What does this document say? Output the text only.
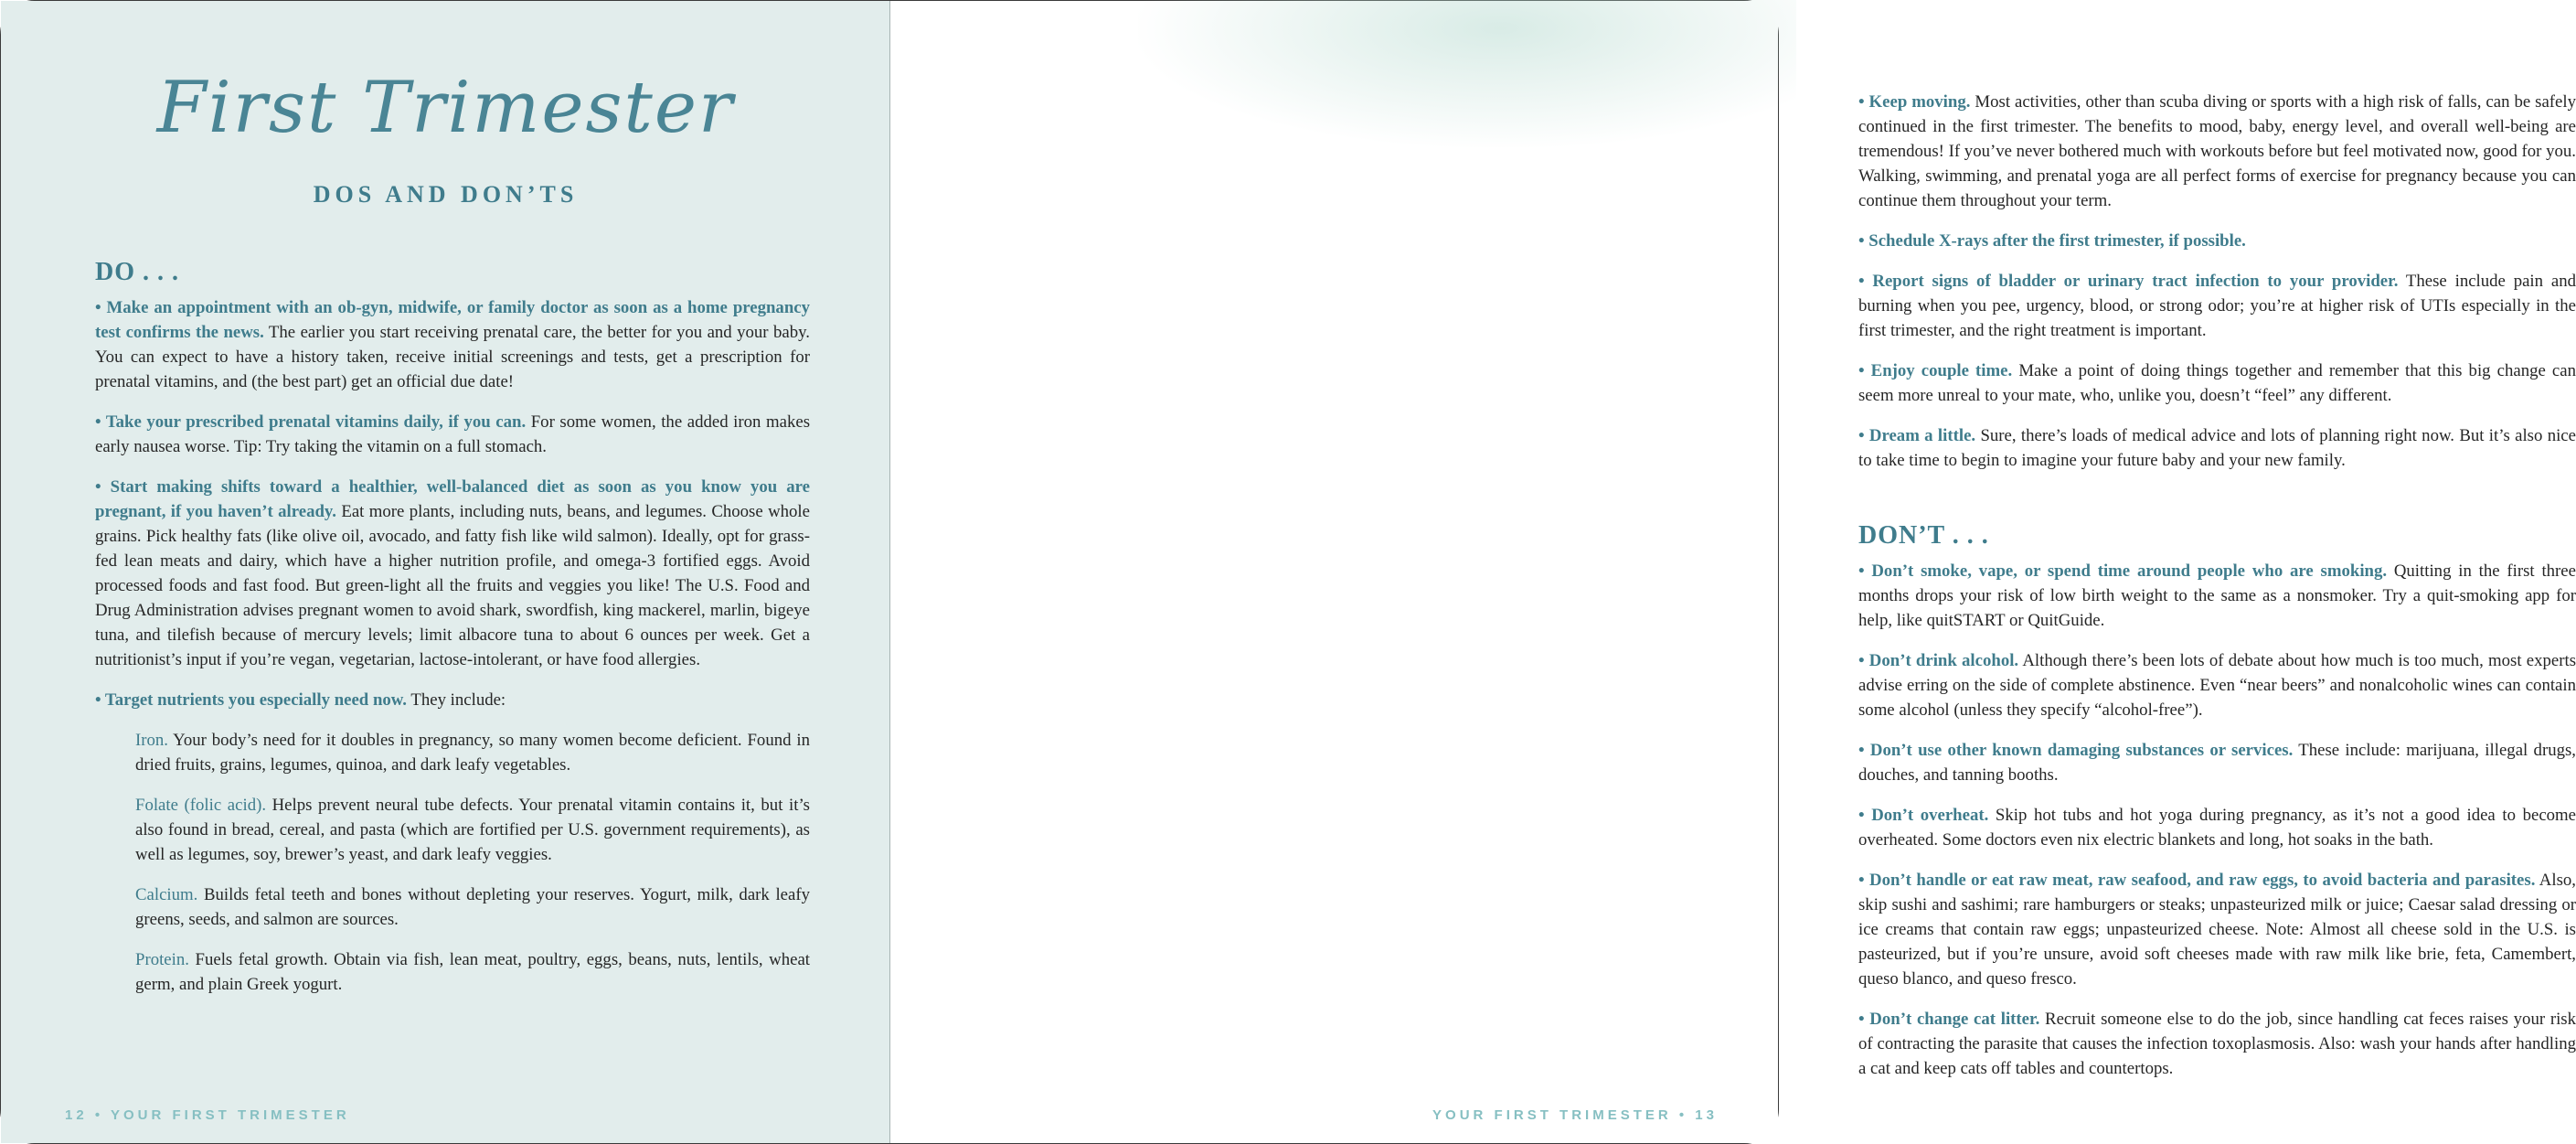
First Trimester
DOS AND DON’TS
DO . . .

• Make an appointment with an ob-gyn, midwife, or family doctor as soon as a home pregnancy test confirms the news. The earlier you start receiving prenatal care, the better for you and your baby. You can expect to have a history taken, receive initial screenings and tests, get a prescription for prenatal vitamins, and (the best part) get an official due date!

• Take your prescribed prenatal vitamins daily, if you can. For some women, the added iron makes early nausea worse. Tip: Try taking the vitamin on a full stomach.

• Start making shifts toward a healthier, well-balanced diet as soon as you know you are pregnant, if you haven’t already. Eat more plants, including nuts, beans, and legumes. Choose whole grains. Pick healthy fats (like olive oil, avocado, and fatty fish like wild salmon). Ideally, opt for grass-fed lean meats and dairy, which have a higher nutrition profile, and omega-3 fortified eggs. Avoid processed foods and fast food. But green-light all the fruits and veggies you like! The U.S. Food and Drug Administration advises pregnant women to avoid shark, swordfish, king mackerel, marlin, bigeye tuna, and tilefish because of mercury levels; limit albacore tuna to about 6 ounces per week. Get a nutritionist’s input if you’re vegan, vegetarian, lactose-intolerant, or have food allergies.

• Target nutrients you especially need now. They include:

Iron. Your body’s need for it doubles in pregnancy, so many women become deficient. Found in dried fruits, grains, legumes, quinoa, and dark leafy vegetables.

Folate (folic acid). Helps prevent neural tube defects. Your prenatal vitamin contains it, but it’s also found in bread, cereal, and pasta (which are fortified per U.S. government requirements), as well as legumes, soy, brewer’s yeast, and dark leafy veggies.

Calcium. Builds fetal teeth and bones without depleting your reserves. Yogurt, milk, dark leafy greens, seeds, and salmon are sources.

Protein. Fuels fetal growth. Obtain via fish, lean meat, poultry, eggs, beans, nuts, lentils, wheat germ, and plain Greek yogurt.

12 • YOUR FIRST TRIMESTER

• Keep moving. Most activities, other than scuba diving or sports with a high risk of falls, can be safely continued in the first trimester. The benefits to mood, baby, energy level, and overall well-being are tremendous! If you’ve never bothered much with workouts before but feel motivated now, good for you. Walking, swimming, and prenatal yoga are all perfect forms of exercise for pregnancy because you can continue them throughout your term.

• Schedule X-rays after the first trimester, if possible.

• Report signs of bladder or urinary tract infection to your provider. These include pain and burning when you pee, urgency, blood, or strong odor; you’re at higher risk of UTIs especially in the first trimester, and the right treatment is important.

• Enjoy couple time. Make a point of doing things together and remember that this big change can seem more unreal to your mate, who, unlike you, doesn’t “feel” any different.

• Dream a little. Sure, there’s loads of medical advice and lots of planning right now. But it’s also nice to take time to begin to imagine your future baby and your new family.

DON’T . . .

• Don’t smoke, vape, or spend time around people who are smoking. Quitting in the first three months drops your risk of low birth weight to the same as a nonsmoker. Try a quit-smoking app for help, like quitSTART or QuitGuide.

• Don’t drink alcohol. Although there’s been lots of debate about how much is too much, most experts advise erring on the side of complete abstinence. Even “near beers” and nonalcoholic wines can contain some alcohol (unless they specify “alcohol-free”).

• Don’t use other known damaging substances or services. These include: marijuana, illegal drugs, douches, and tanning booths.

• Don’t overheat. Skip hot tubs and hot yoga during pregnancy, as it’s not a good idea to become overheated. Some doctors even nix electric blankets and long, hot soaks in the bath.

• Don’t handle or eat raw meat, raw seafood, and raw eggs, to avoid bacteria and parasites. Also, skip sushi and sashimi; rare hamburgers or steaks; unpasteurized milk or juice; Caesar salad dressing or ice creams that contain raw eggs; unpasteurized cheese. Note: Almost all cheese sold in the U.S. is pasteurized, but if you’re unsure, avoid soft cheeses made with raw milk like brie, feta, Camembert, queso blanco, and queso fresco.

• Don’t change cat litter. Recruit someone else to do the job, since handling cat feces raises your risk of contracting the parasite that causes the infection toxoplasmosis. Also: wash your hands after handling a cat and keep cats off tables and countertops.

YOUR FIRST TRIMESTER • 13
